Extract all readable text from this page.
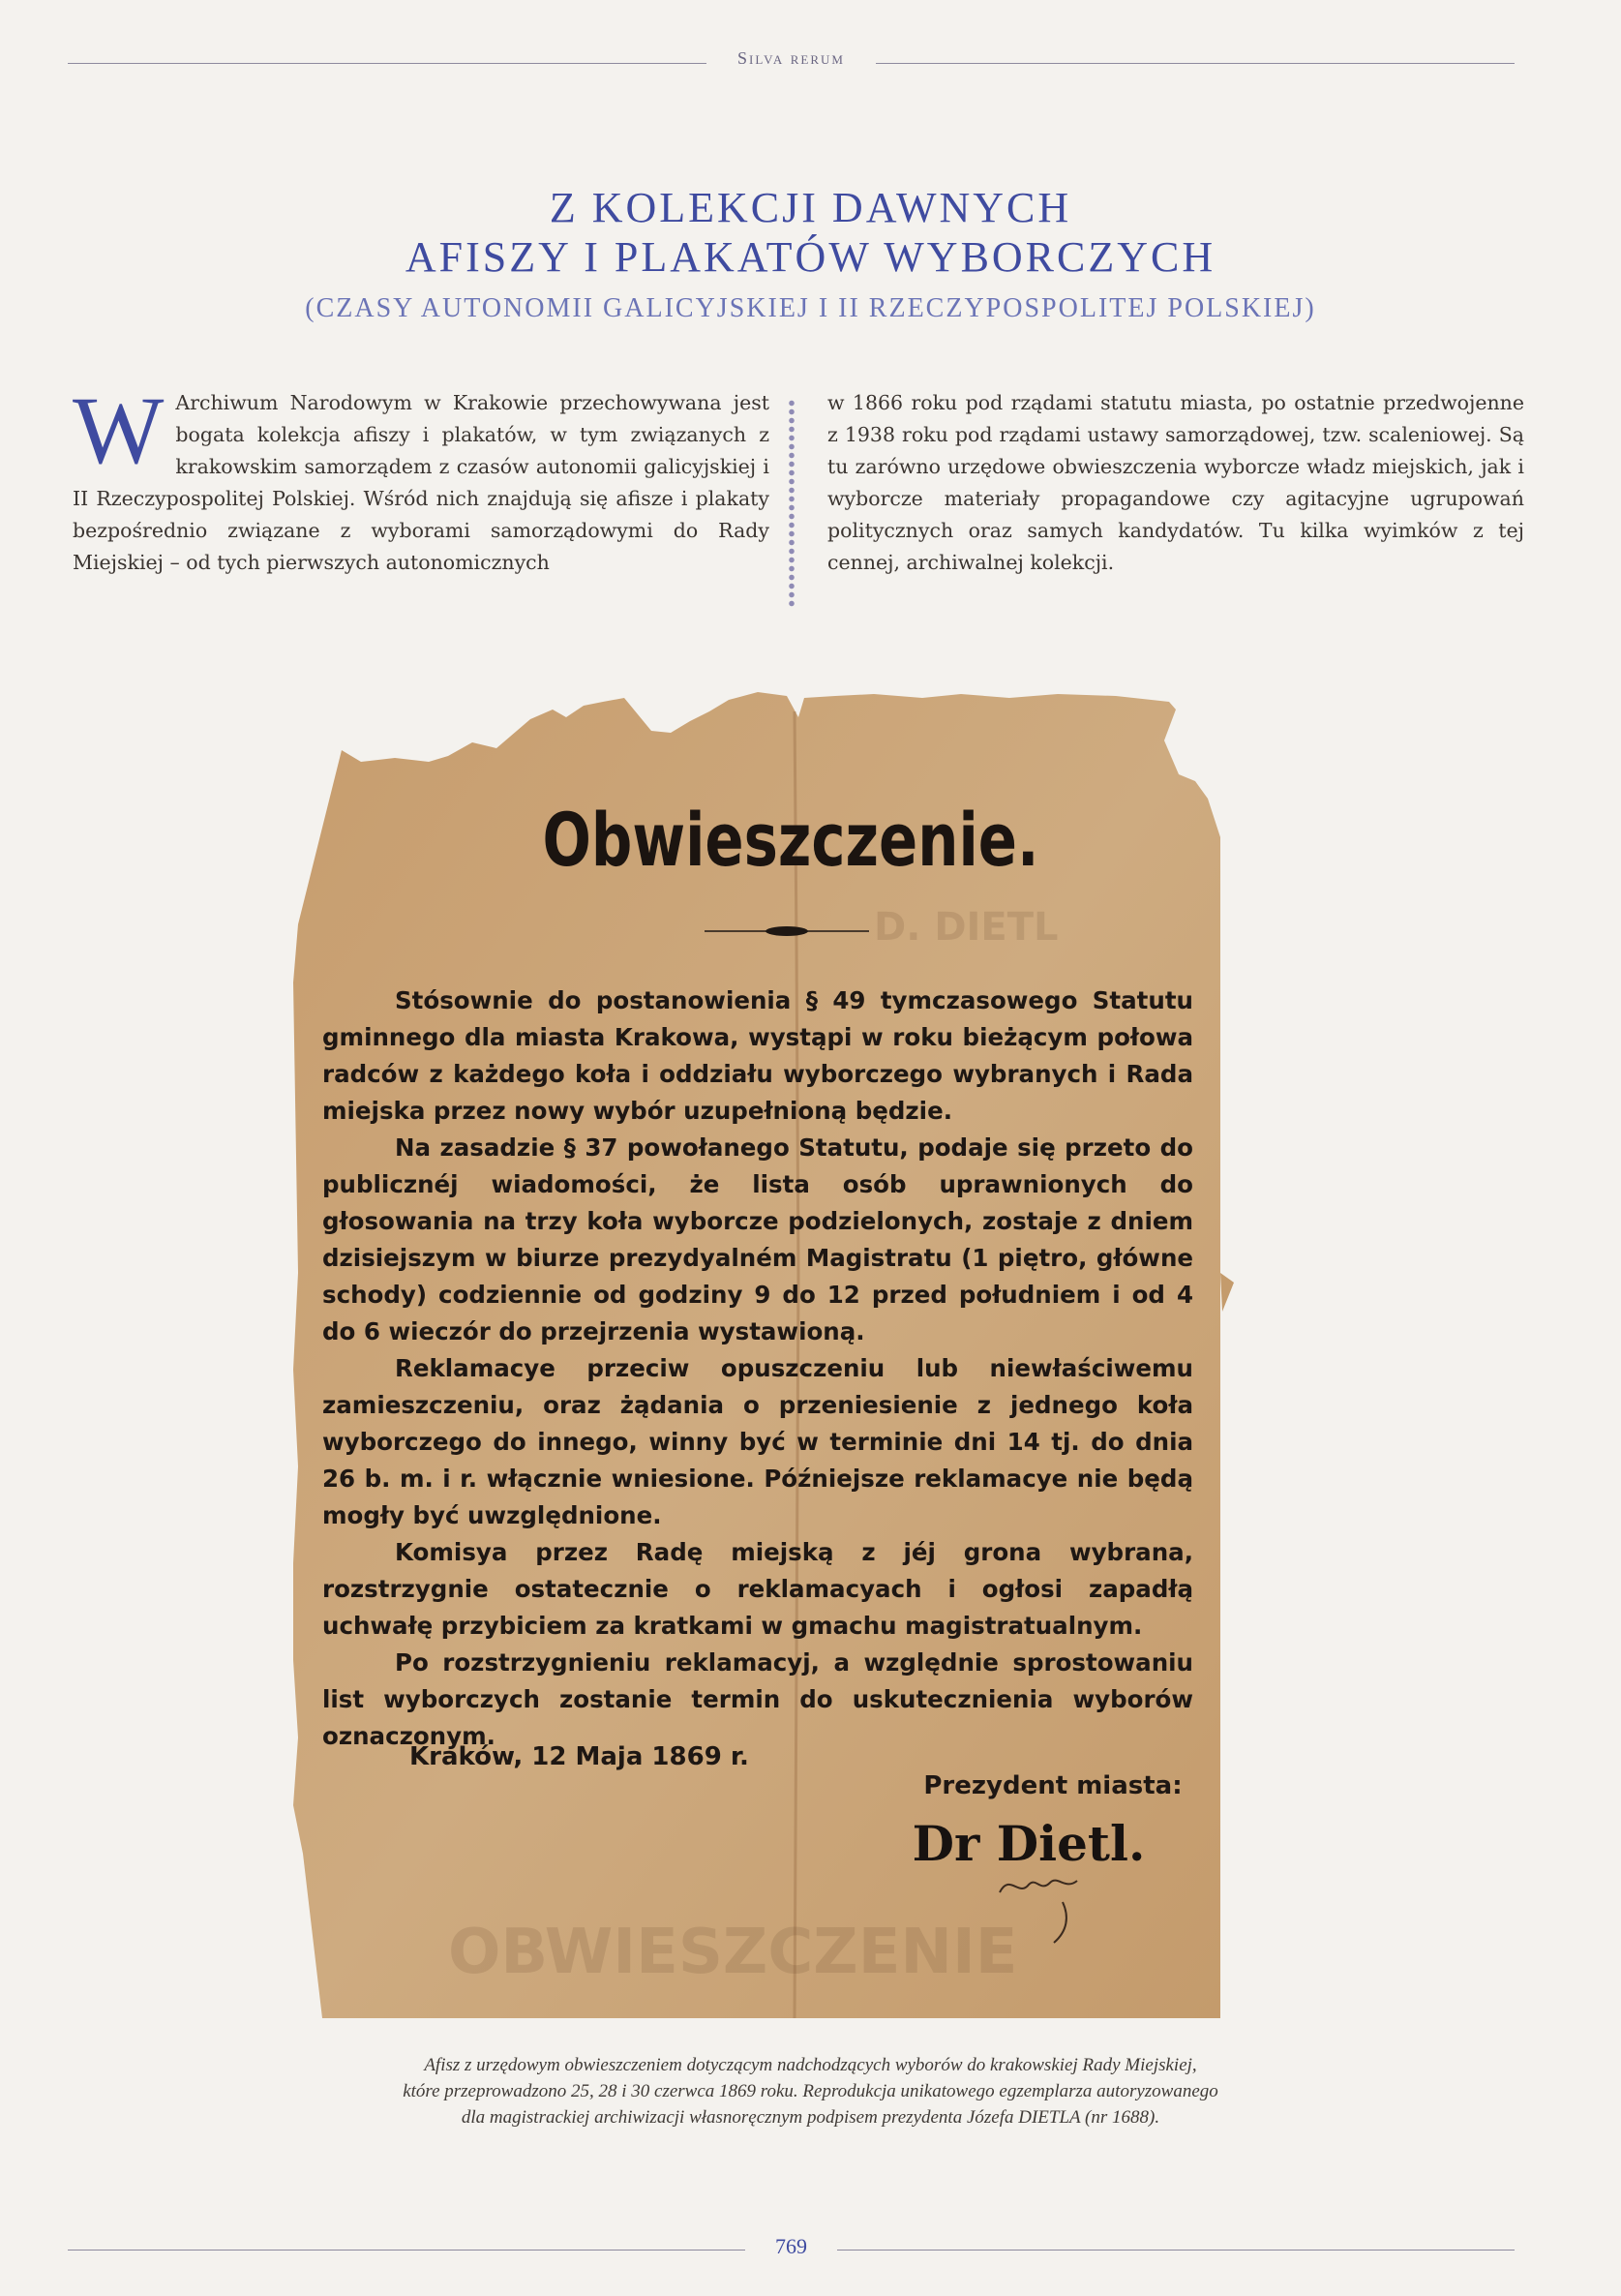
Silva rerum
Z KOLEKCJI DAWNYCH
AFISZY I PLAKATÓW WYBORCZYCH
(CZASY AUTONOMII GALICYJSKIEJ I II RZECZYPOSPOLITEJ POLSKIEJ)
W Archiwum Narodowym w Krakowie przechowywana jest bogata kolekcja afiszy i plakatów, w tym związanych z krakowskim samorządem z czasów autonomii galicyjskiej i II Rzeczypospolitej Polskiej. Wśród nich znajdują się afisze i plakaty bezpośrednio związane z wyborami samorządowymi do Rady Miejskiej – od tych pierwszych autonomicznych
w 1866 roku pod rządami statutu miasta, po ostatnie przedwojenne z 1938 roku pod rządami ustawy samorządowej, tzw. scaleniowej. Są tu zarówno urzędowe obwieszczenia wyborcze władz miejskich, jak i wyborcze materiały propagandowe czy agitacyjne ugrupowań politycznych oraz samych kandydatów. Tu kilka wyimków z tej cennej, archiwalnej kolekcji.
D. DIETL
OBWIESZCZENIE
Obwieszczenie.

Stósownie do postanowienia § 49 tymczasowego Statutu gminnego dla miasta Krakowa, wystąpi w roku bieżącym połowa radców z każdego koła i oddziału wyborczego wybranych i Rada miejska przez nowy wybór uzupełnioną będzie.

Na zasadzie § 37 powołanego Statutu, podaje się przeto do publicznéj wiadomości, że lista osób uprawnionych do głosowania na trzy koła wyborcze podzielonych, zostaje z dniem dzisiejszym w biurze prezydyalném Magistratu (1 piętro, główne schody) codziennie od godziny 9 do 12 przed południem i od 4 do 6 wieczór do przejrzenia wystawioną.

Reklamacye przeciw opuszczeniu lub niewłaściwemu zamieszczeniu, oraz żądania o przeniesienie z jednego koła wyborczego do innego, winny być w terminie dni 14 tj. do dnia 26 b. m. i r. włącznie wniesione. Późniejsze reklamacye nie będą mogły być uwzględnione.

Komisya przez Radę miejską z jéj grona wybrana, rozstrzygnie ostatecznie o reklamacyach i ogłosi zapadłą uchwałę przybiciem za kratkami w gmachu magistratualnym.

Po rozstrzygnieniu reklamacyj, a względnie sprostowaniu list wyborczych zostanie termin do uskutecznienia wyborów oznaczonym.

Kraków, 12 Maja 1869 r.
Prezydent miasta:
Dr Dietl.
Afisz z urzędowym obwieszczeniem dotyczącym nadchodzących wyborów do krakowskiej Rady Miejskiej,
które przeprowadzono 25, 28 i 30 czerwca 1869 roku. Reprodukcja unikatowego egzemplarza autoryzowanego
dla magistrackiej archiwizacji własnoręcznym podpisem prezydenta Józefa DIETLA (nr 1688).
769
